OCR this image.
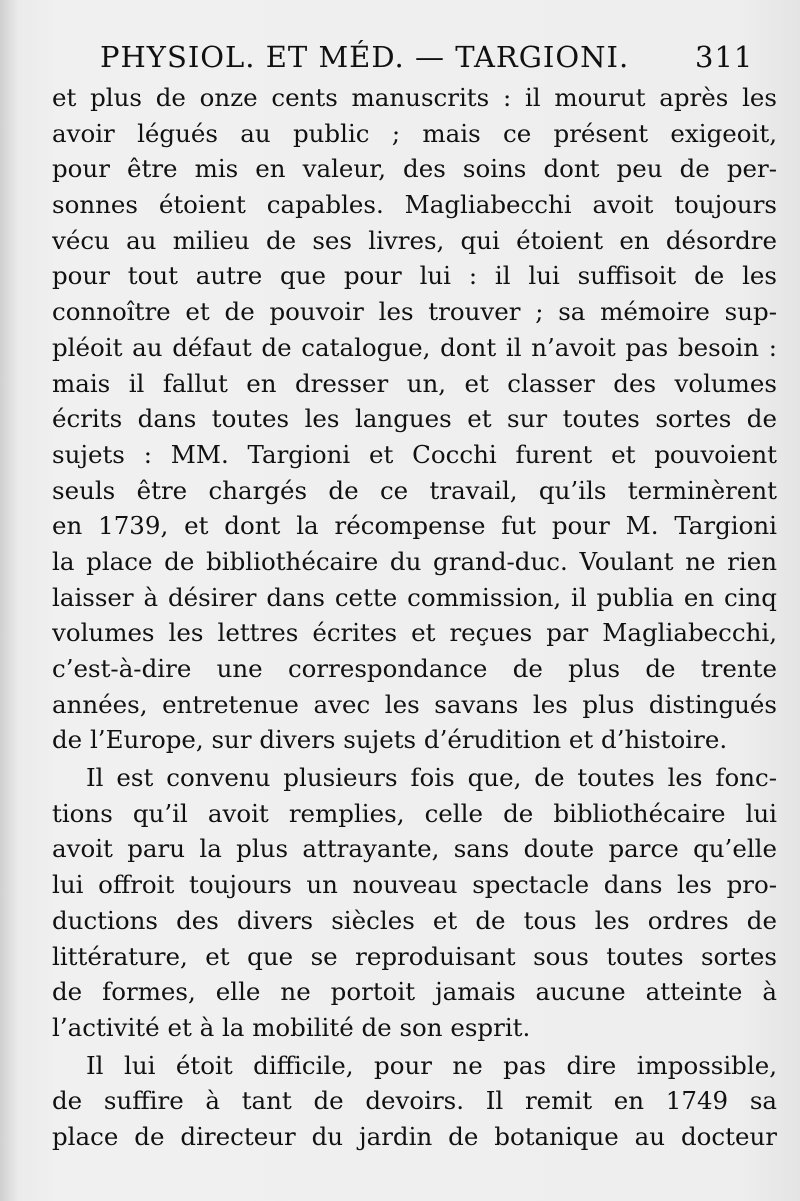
PHYSIOL. ET MÉD. — TARGIONI. 311
et plus de onze cents manuscrits : il mourut après les
avoir légués au public ; mais ce présent exigeoit,
pour être mis en valeur, des soins dont peu de per-
sonnes étoient capables. Magliabecchi avoit toujours
vécu au milieu de ses livres, qui étoient en désordre
pour tout autre que pour lui : il lui suffisoit de les
connoître et de pouvoir les trouver ; sa mémoire sup-
pléoit au défaut de catalogue, dont il n’avoit pas besoin :
mais il fallut en dresser un, et classer des volumes
écrits dans toutes les langues et sur toutes sortes de
sujets : MM. Targioni et Cocchi furent et pouvoient
seuls être chargés de ce travail, qu’ils terminèrent
en 1739, et dont la récompense fut pour M. Targioni
la place de bibliothécaire du grand-duc. Voulant ne rien
laisser à désirer dans cette commission, il publia en cinq
volumes les lettres écrites et reçues par Magliabecchi,
c’est-à-dire une correspondance de plus de trente
années, entretenue avec les savans les plus distingués
de l’Europe, sur divers sujets d’érudition et d’histoire.
Il est convenu plusieurs fois que, de toutes les fonc-
tions qu’il avoit remplies, celle de bibliothécaire lui
avoit paru la plus attrayante, sans doute parce qu’elle
lui offroit toujours un nouveau spectacle dans les pro-
ductions des divers siècles et de tous les ordres de
littérature, et que se reproduisant sous toutes sortes
de formes, elle ne portoit jamais aucune atteinte à
l’activité et à la mobilité de son esprit.
Il lui étoit difficile, pour ne pas dire impossible,
de suffire à tant de devoirs. Il remit en 1749 sa
place de directeur du jardin de botanique au docteur
